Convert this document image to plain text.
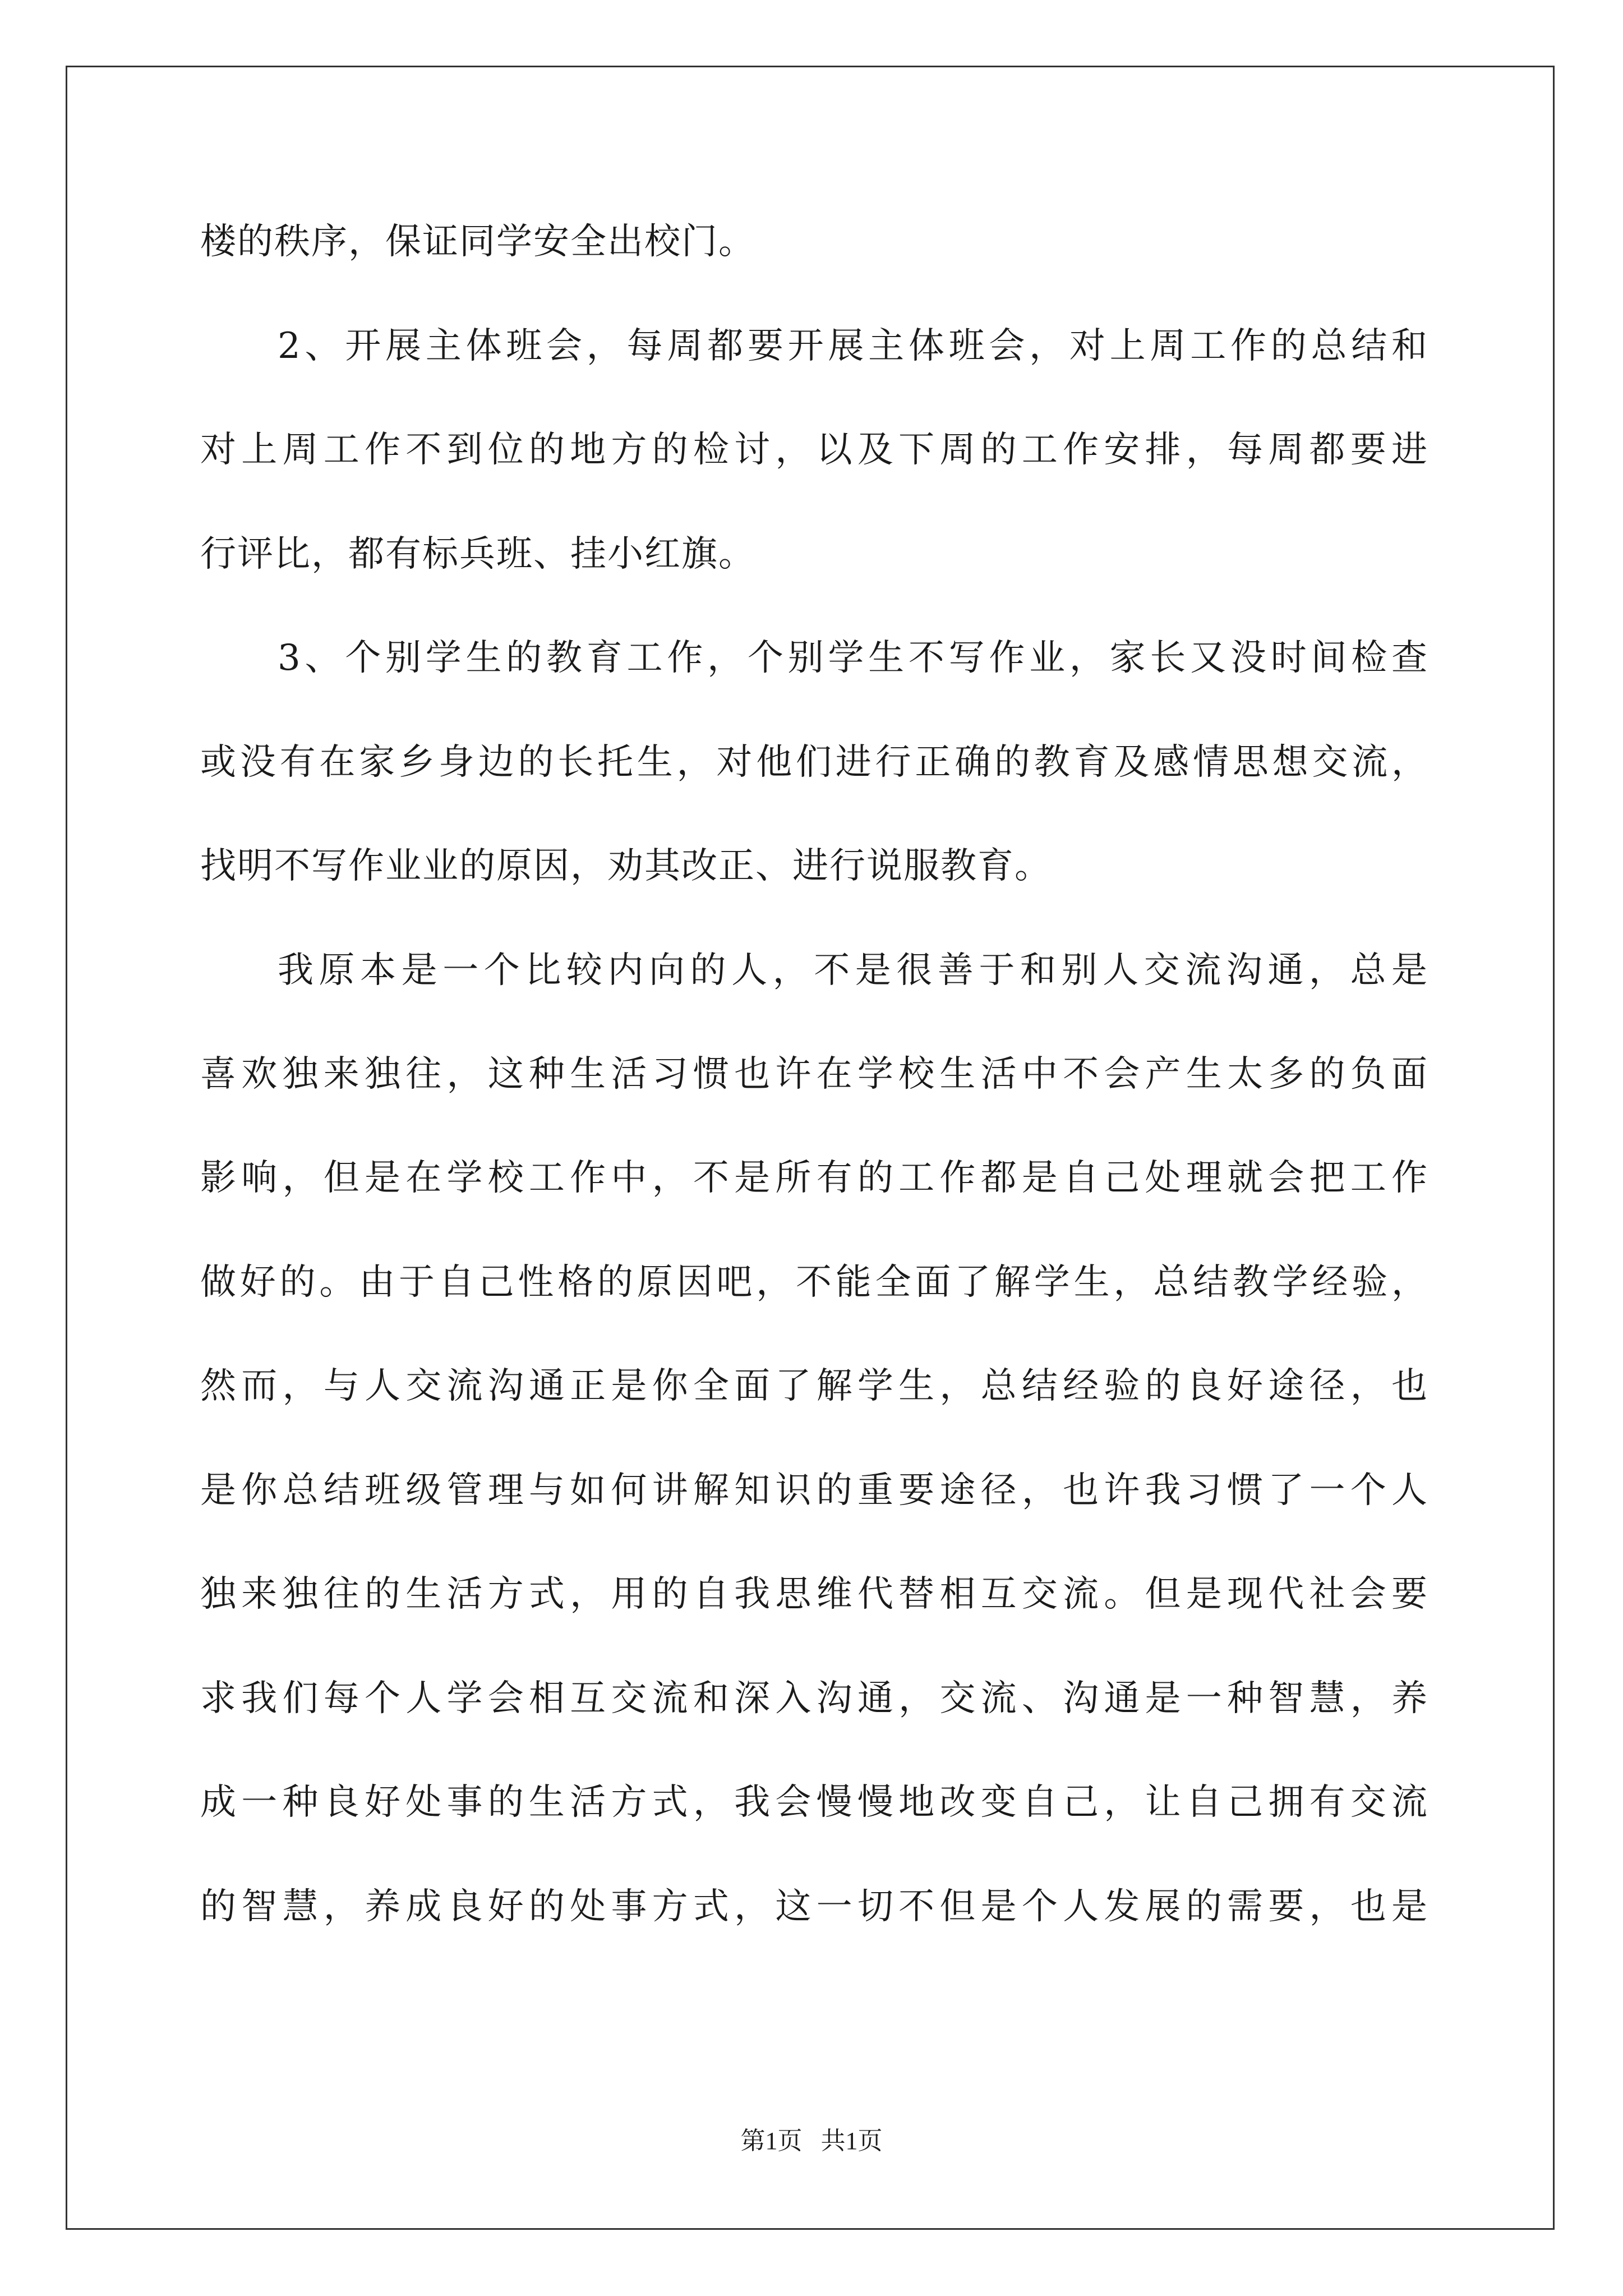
楼的秩序，保证同学安全出校门。
2、开展主体班会，每周都要开展主体班会，对上周工作的总结和
对上周工作不到位的地方的检讨，以及下周的工作安排，每周都要进
行评比，都有标兵班、挂小红旗。
3、个别学生的教育工作，个别学生不写作业，家长又没时间检查
或没有在家乡身边的长托生，对他们进行正确的教育及感情思想交流，
找明不写作业业的原因，劝其改正、进行说服教育。
我原本是一个比较内向的人，不是很善于和别人交流沟通，总是
喜欢独来独往，这种生活习惯也许在学校生活中不会产生太多的负面
影响，但是在学校工作中，不是所有的工作都是自己处理就会把工作
做好的。由于自己性格的原因吧，不能全面了解学生，总结教学经验，
然而，与人交流沟通正是你全面了解学生，总结经验的良好途径，也
是你总结班级管理与如何讲解知识的重要途径，也许我习惯了一个人
独来独往的生活方式，用的自我思维代替相互交流。但是现代社会要
求我们每个人学会相互交流和深入沟通，交流、沟通是一种智慧，养
成一种良好处事的生活方式，我会慢慢地改变自己，让自己拥有交流
的智慧，养成良好的处事方式，这一切不但是个人发展的需要，也是
第1页 共1页
